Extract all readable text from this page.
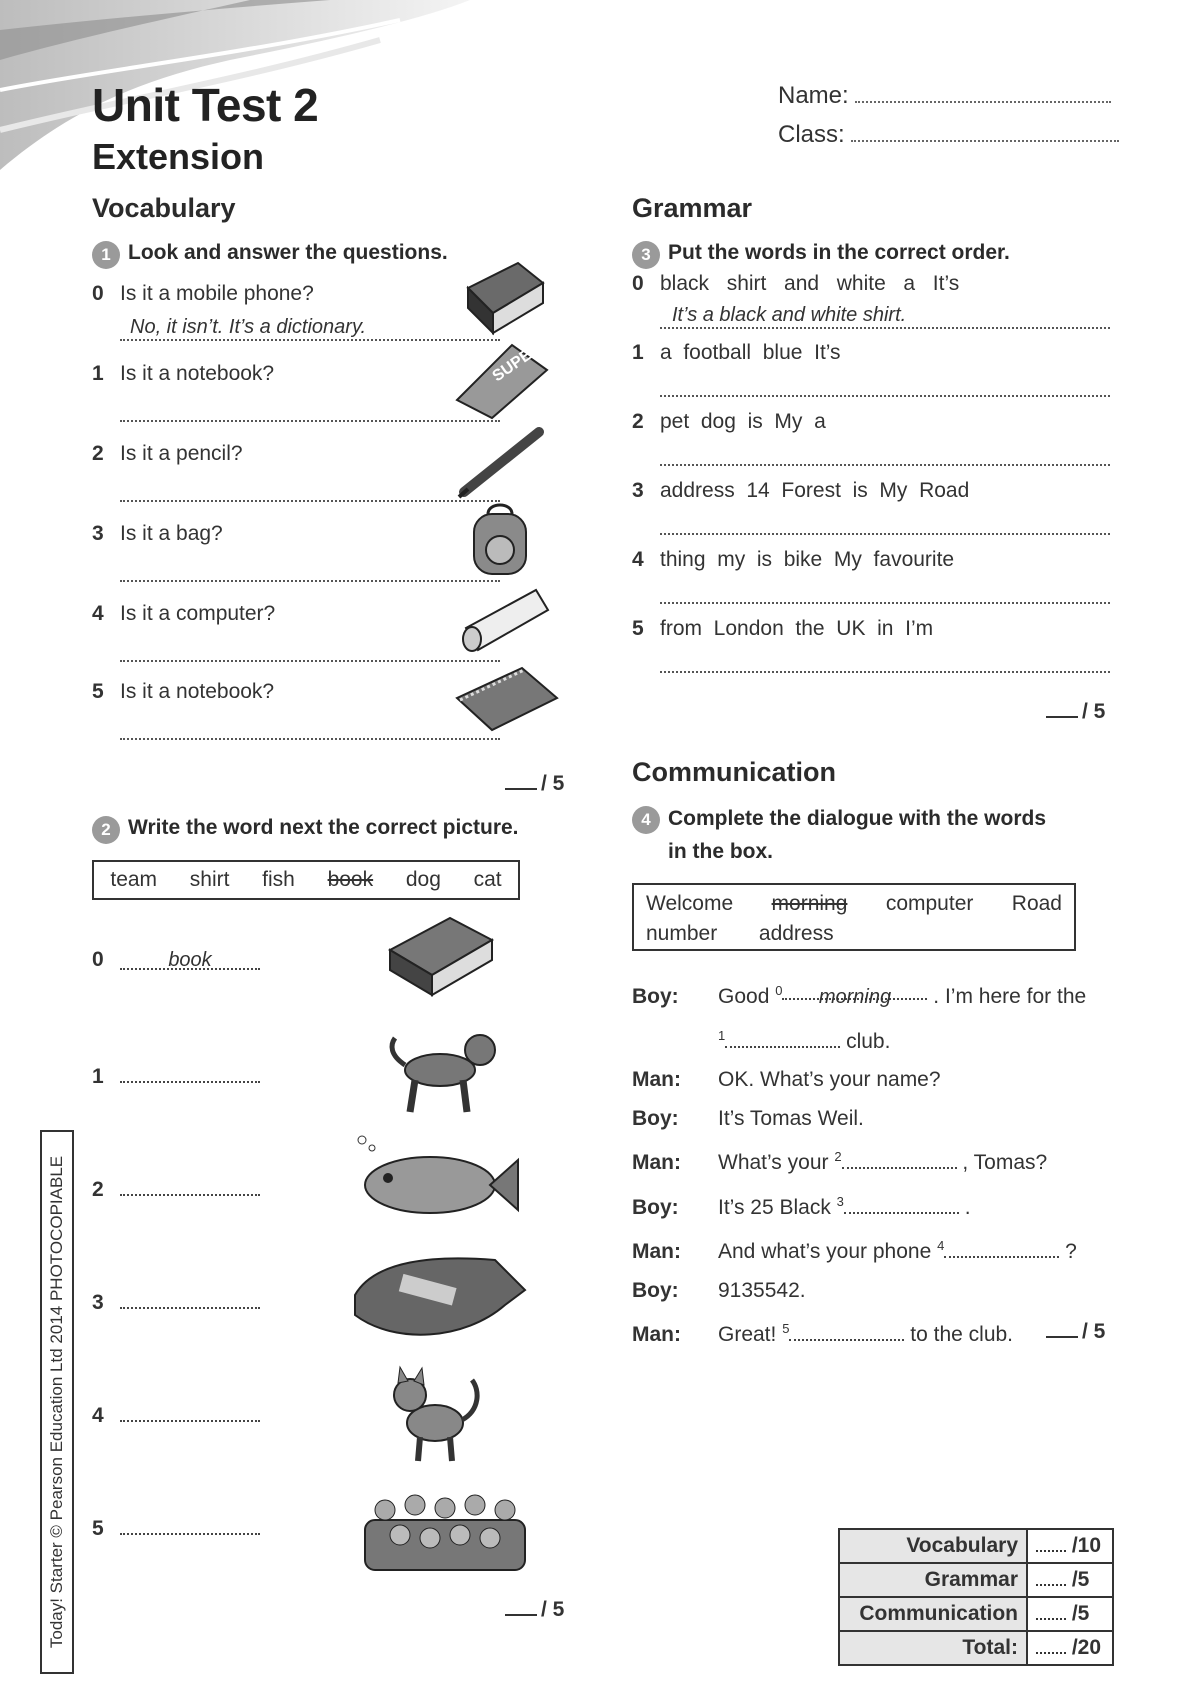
Unit Test 2
Extension
Name:
Class:
Vocabulary
1 Look and answer the questions.
0 Is it a mobile phone?
No, it isn’t. It’s a dictionary.
1 Is it a notebook?
2 Is it a pencil?
3 Is it a bag?
4 Is it a computer?
5 Is it a notebook?
SUPER
/ 5
2 Write the word next the correct picture.
team shirt fish book dog cat
0	book
1
2
3
4
5
/ 5
Grammar
3 Put the words in the correct order.
0 black  shirt  and  white  a  It’s
It’s a black and white shirt.
1 a  football  blue  It’s
2 pet  dog  is  My  a
3 address  14  Forest  is  My  Road
4 thing  my  is  bike  My  favourite
5 from  London  the  UK  in  I’m
/ 5
Communication
4 Complete the dialogue with the words
in the box.
Welcome morning computer Road
number address
Boy: Good $^0$ morning . I’m here for the
$^1$	club.
Man: OK. What’s your name?
Boy: It’s Tomas Weil.
Man: What’s your $^2$	, Tomas?
Boy: It’s 25 Black $^3$	.
Man: And what’s your phone $^4$	?
Boy: 9135542.
Man: Great! $^5$	to the club.	/ 5
Vocabulary	/10
Grammar	/5
Communication	/5
Total:	/20
Today! Starter © Pearson Education Ltd 2014 PHOTOCOPIABLE
